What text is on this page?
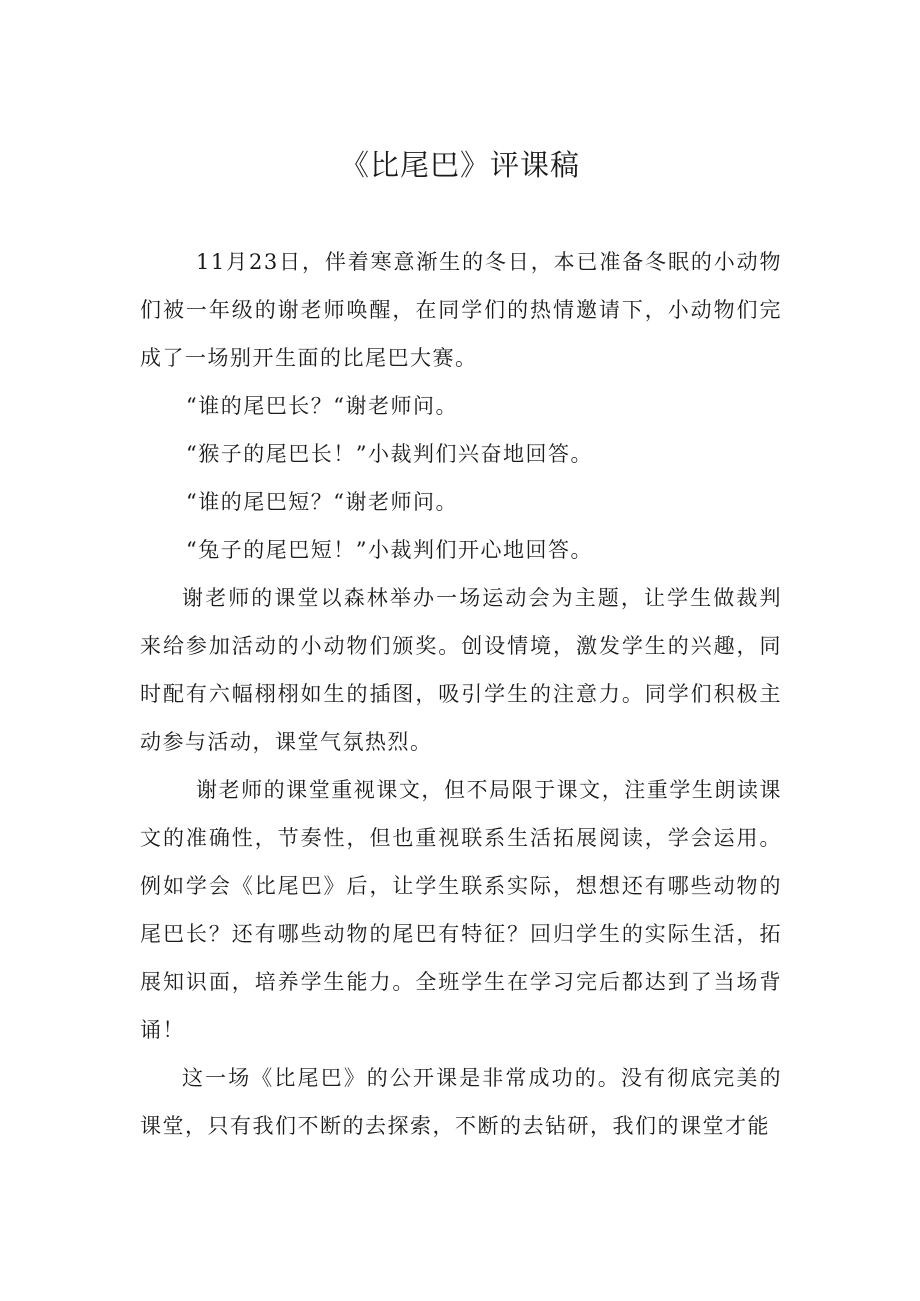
《比尾巴》评课稿

11月23日，伴着寒意渐生的冬日，本已准备冬眠的小动物们被一年级的谢老师唤醒，在同学们的热情邀请下，小动物们完成了一场别开生面的比尾巴大赛。

“谁的尾巴长？“谢老师问。

“猴子的尾巴长！”小裁判们兴奋地回答。

“谁的尾巴短？“谢老师问。

“兔子的尾巴短！”小裁判们开心地回答。

谢老师的课堂以森林举办一场运动会为主题，让学生做裁判来给参加活动的小动物们颁奖。创设情境，激发学生的兴趣，同时配有六幅栩栩如生的插图，吸引学生的注意力。同学们积极主动参与活动，课堂气氛热烈。

谢老师的课堂重视课文，但不局限于课文，注重学生朗读课文的准确性，节奏性，但也重视联系生活拓展阅读，学会运用。例如学会《比尾巴》后，让学生联系实际，想想还有哪些动物的尾巴长？还有哪些动物的尾巴有特征？回归学生的实际生活，拓展知识面，培养学生能力。全班学生在学习完后都达到了当场背诵！

这一场《比尾巴》的公开课是非常成功的。没有彻底完美的课堂，只有我们不断的去探索，不断的去钻研，我们的课堂才能
